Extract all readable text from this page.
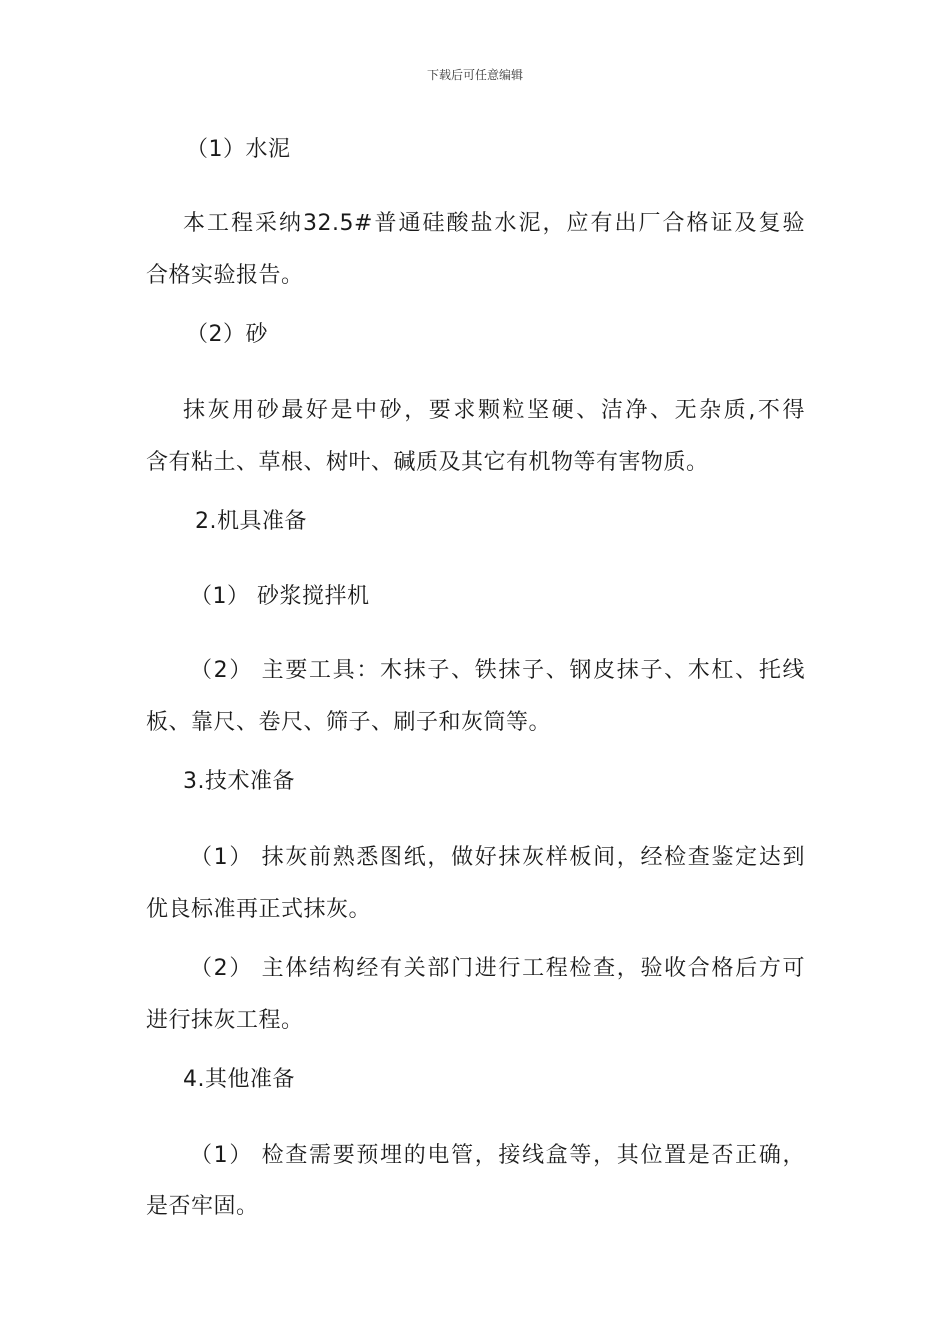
下载后可任意编辑
（1）水泥
本工程采纳32.5#普通硅酸盐水泥，应有出厂合格证及复验
合格实验报告。
（2）砂
抹灰用砂最好是中砂，要求颗粒坚硬、洁净、无杂质,不得
含有粘土、草根、树叶、碱质及其它有机物等有害物质。
2.机具准备
（1） 砂浆搅拌机
（2） 主要工具：木抹子、铁抹子、钢皮抹子、木杠、托线
板、靠尺、卷尺、筛子、刷子和灰筒等。
3.技术准备
（1） 抹灰前熟悉图纸，做好抹灰样板间，经检查鉴定达到
优良标准再正式抹灰。
（2） 主体结构经有关部门进行工程检查，验收合格后方可
进行抹灰工程。
4.其他准备
（1） 检查需要预埋的电管，接线盒等，其位置是否正确，
是否牢固。
